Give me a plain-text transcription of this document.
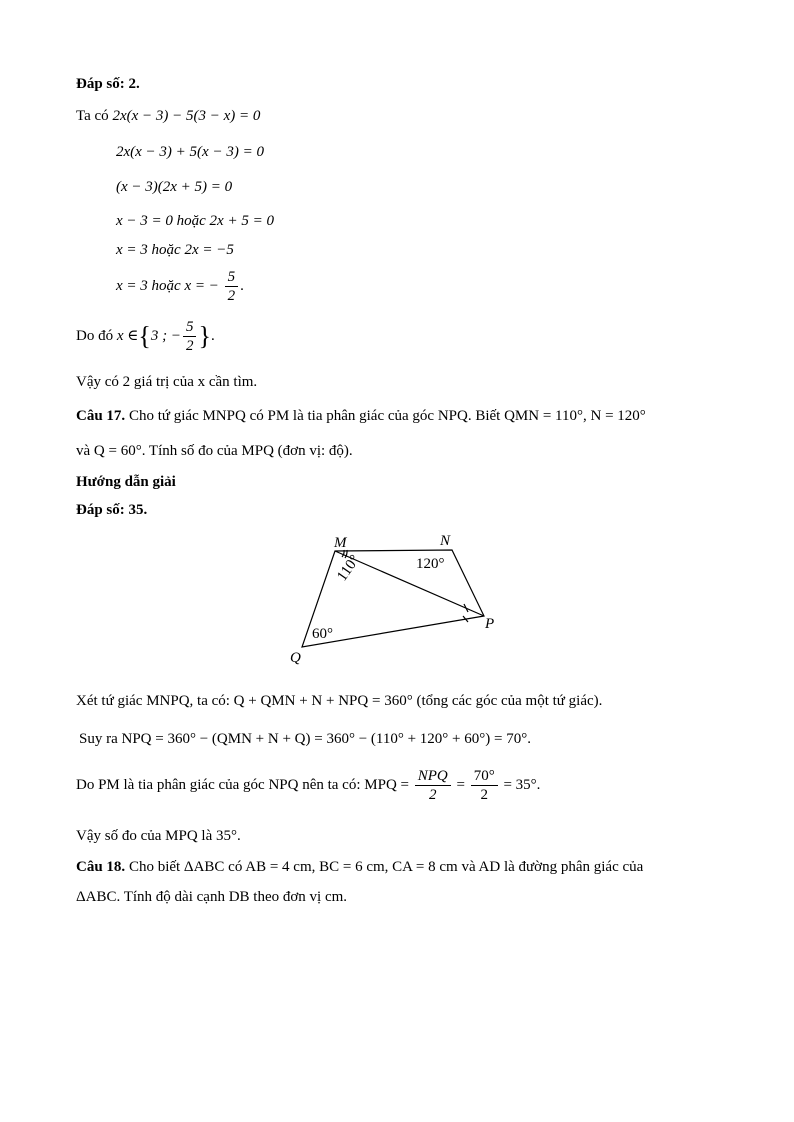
Đáp số: 2.
Ta có 2x(x − 3) − 5(3 − x) = 0
2x(x − 3) + 5(x − 3) = 0
(x − 3)(2x + 5) = 0
x − 3 = 0 hoặc 2x + 5 = 0
x = 3 hoặc 2x = −5
x = 3 hoặc x = − $\frac{5}{2}$ .
Do đó x ∈{3 ; − $\frac{5}{2}$ }.
Vậy có 2 giá trị của x cần tìm.
Câu 17. Cho tứ giác MNPQ có PM là tia phân giác của góc NPQ. Biết QMN = 110°, N = 120°
và Q = 60°. Tính số đo của MPQ (đơn vị: độ).
Hướng dẫn giải
Đáp số: 35.
M	N
P
Q
120°
60°
110°
Xét tứ giác MNPQ, ta có: Q + QMN + N + NPQ = 360° (tổng các góc của một tứ giác).
Suy ra NPQ = 360° − (QMN + N + Q) = 360° − (110° + 120° + 60°) = 70°.
Do PM là tia phân giác của góc NPQ nên ta có: MPQ = $\frac{\text{NPQ}}{2} = \frac{70^\circ}{2} = 35^\circ$.
Vậy số đo của MPQ là 35°.
Câu 18. Cho biết ΔABC có AB = 4 cm, BC = 6 cm, CA = 8 cm và AD là đường phân giác của
ΔABC. Tính độ dài cạnh DB theo đơn vị cm.
